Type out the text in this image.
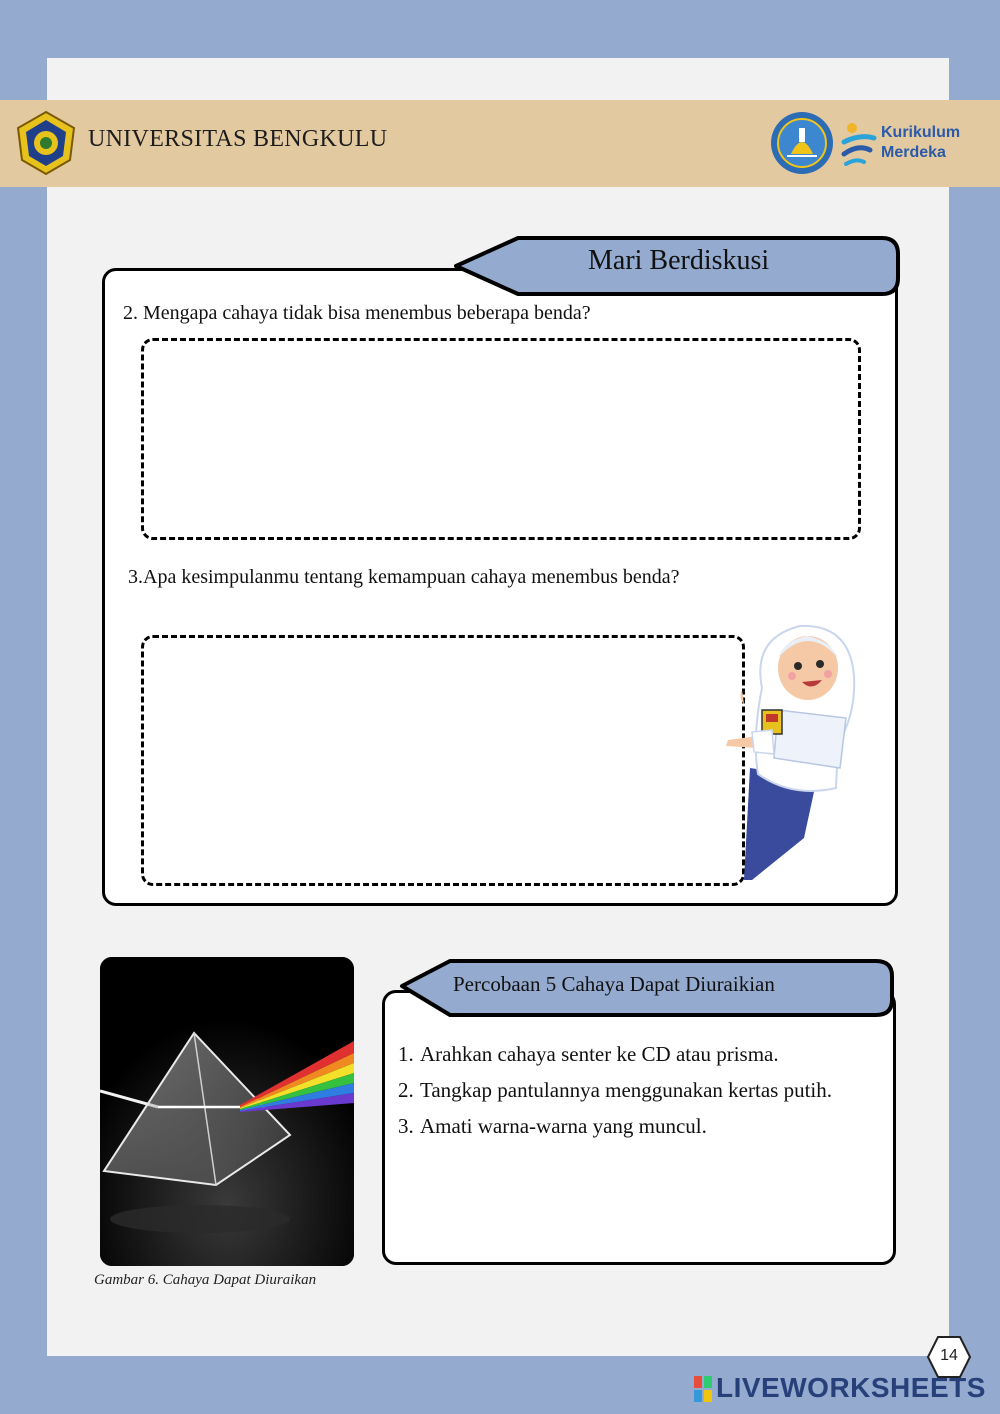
UNIVERSITAS BENGKULU	Kurikulum
Merdeka
Mari Berdiskusi
2. Mengapa cahaya tidak bisa menembus beberapa benda?
3.Apa kesimpulanmu tentang kemampuan cahaya menembus benda?
Gambar 6. Cahaya Dapat Diuraikan
Percobaan 5 Cahaya Dapat Diuraikian
1. Arahkan cahaya senter ke CD atau prisma.
2. Tangkap pantulannya menggunakan kertas putih.
3. Amati warna-warna yang muncul.
14
LIVEWORKSHEETS
